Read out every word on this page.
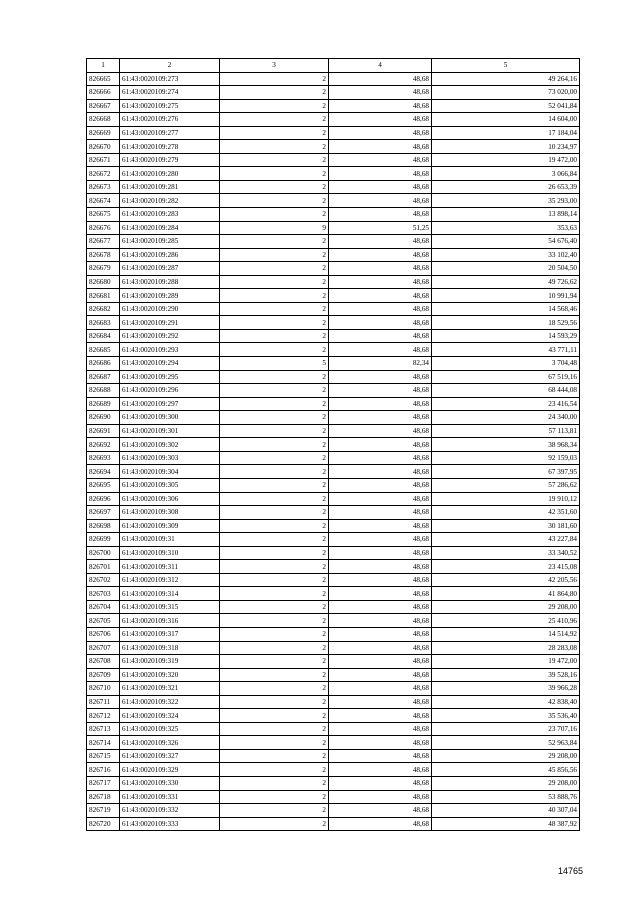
1	2	3	4	5
826665	61:43:0020109:273	2	48,68	49 264,16
826666	61:43:0020109:274	2	48,68	73 020,00
826667	61:43:0020109:275	2	48,68	52 041,84
826668	61:43:0020109:276	2	48,68	14 604,00
826669	61:43:0020109:277	2	48,68	17 184,04
826670	61:43:0020109:278	2	48,68	10 234,97
826671	61:43:0020109:279	2	48,68	19 472,00
826672	61:43:0020109:280	2	48,68	3 066,84
826673	61:43:0020109:281	2	48,68	26 653,39
826674	61:43:0020109:282	2	48,68	35 293,00
826675	61:43:0020109:283	2	48,68	13 898,14
826676	61:43:0020109:284	9	51,25	353,63
826677	61:43:0020109:285	2	48,68	54 676,40
826678	61:43:0020109:286	2	48,68	33 102,40
826679	61:43:0020109:287	2	48,68	20 504,50
826680	61:43:0020109:288	2	48,68	49 726,62
826681	61:43:0020109:289	2	48,68	10 991,94
826682	61:43:0020109:290	2	48,68	14 568,46
826683	61:43:0020109:291	2	48,68	18 529,56
826684	61:43:0020109:292	2	48,68	14 593,29
826685	61:43:0020109:293	2	48,68	43 771,11
826686	61:43:0020109:294	5	82,34	3 704,48
826687	61:43:0020109:295	2	48,68	67 519,16
826688	61:43:0020109:296	2	48,68	68 444,08
826689	61:43:0020109:297	2	48,68	23 416,54
826690	61:43:0020109:300	2	48,68	24 340,00
826691	61:43:0020109:301	2	48,68	57 113,81
826692	61:43:0020109:302	2	48,68	38 968,34
826693	61:43:0020109:303	2	48,68	92 159,03
826694	61:43:0020109:304	2	48,68	67 397,95
826695	61:43:0020109:305	2	48,68	57 286,62
826696	61:43:0020109:306	2	48,68	19 910,12
826697	61:43:0020109:308	2	48,68	42 351,60
826698	61:43:0020109:309	2	48,68	30 181,60
826699	61:43:0020109:31	2	48,68	43 227,84
826700	61:43:0020109:310	2	48,68	33 340,52
826701	61:43:0020109:311	2	48,68	23 415,08
826702	61:43:0020109:312	2	48,68	42 205,56
826703	61:43:0020109:314	2	48,68	41 864,80
826704	61:43:0020109:315	2	48,68	29 208,00
826705	61:43:0020109:316	2	48,68	25 410,96
826706	61:43:0020109:317	2	48,68	14 514,92
826707	61:43:0020109:318	2	48,68	28 283,08
826708	61:43:0020109:319	2	48,68	19 472,00
826709	61:43:0020109:320	2	48,68	39 528,16
826710	61:43:0020109:321	2	48,68	39 966,28
826711	61:43:0020109:322	2	48,68	42 838,40
826712	61:43:0020109:324	2	48,68	35 536,40
826713	61:43:0020109:325	2	48,68	23 707,16
826714	61:43:0020109:326	2	48,68	52 963,84
826715	61:43:0020109:327	2	48,68	29 208,00
826716	61:43:0020109:329	2	48,68	45 856,56
826717	61:43:0020109:330	2	48,68	29 208,00
826718	61:43:0020109:331	2	48,68	53 888,76
826719	61:43:0020109:332	2	48,68	40 307,04
826720	61:43:0020109:333	2	48,68	48 387,92
14765
